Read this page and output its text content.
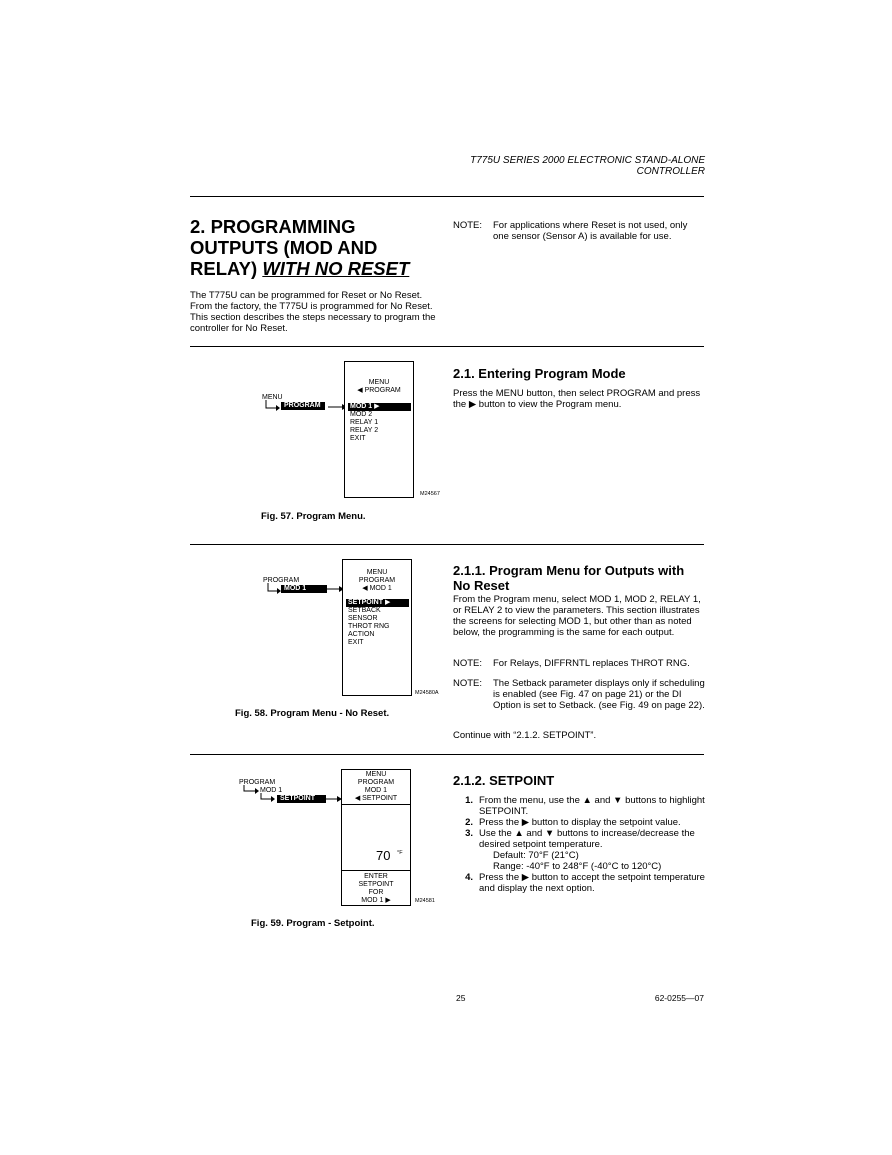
T775U SERIES 2000 ELECTRONIC STAND-ALONE CONTROLLER
2. PROGRAMMING OUTPUTS (MOD AND RELAY) WITH NO RESET
The T775U can be programmed for Reset or No Reset. From the factory, the T775U is programmed for No Reset. This section describes the steps necessary to program the controller for No Reset.
NOTE:	For applications where Reset is not used, only one sensor (Sensor A) is available for use.
MENU
PROGRAM
MENU
◀ PROGRAM
MOD 1 ▶
MOD 2
RELAY 1
RELAY 2
EXIT
M24567
Fig. 57. Program Menu.
2.1. Entering Program Mode
Press the MENU button, then select PROGRAM and press the ▶ button to view the Program menu.
PROGRAM
MOD 1
MENU
PROGRAM
◀ MOD 1
SETPOINT ▶
SETBACK
SENSOR
THROT RNG
ACTION
EXIT
M24580A
Fig. 58. Program Menu - No Reset.
2.1.1. Program Menu for Outputs with No Reset
From the Program menu, select MOD 1, MOD 2, RELAY 1, or RELAY 2 to view the parameters. This section illustrates the screens for selecting MOD 1, but other than as noted below, the programming is the same for each output.
NOTE:	For Relays, DIFFRNTL replaces THROT RNG.
NOTE:	The Setback parameter displays only if scheduling is enabled (see Fig. 47 on page 21) or the DI Option is set to Setback. (see Fig. 49 on page 22).
Continue with “2.1.2. SETPOINT”.
PROGRAM
MOD 1
SETPOINT
MENU
PROGRAM
MOD 1
◀ SETPOINT
70 °F
ENTER
SETPOINT
FOR
MOD 1 ▶	M24581
Fig. 59. Program - Setpoint.
2.1.2. SETPOINT
1. From the menu, use the ▲ and ▼ buttons to highlight SETPOINT.
2. Press the ▶ button to display the setpoint value.
3. Use the ▲ and ▼ buttons to increase/decrease the desired setpoint temperature.
Default: 70°F (21°C)
Range: -40°F to 248°F (-40°C to 120°C)
4. Press the ▶ button to accept the setpoint temperature and display the next option.
25	62-0255—07
